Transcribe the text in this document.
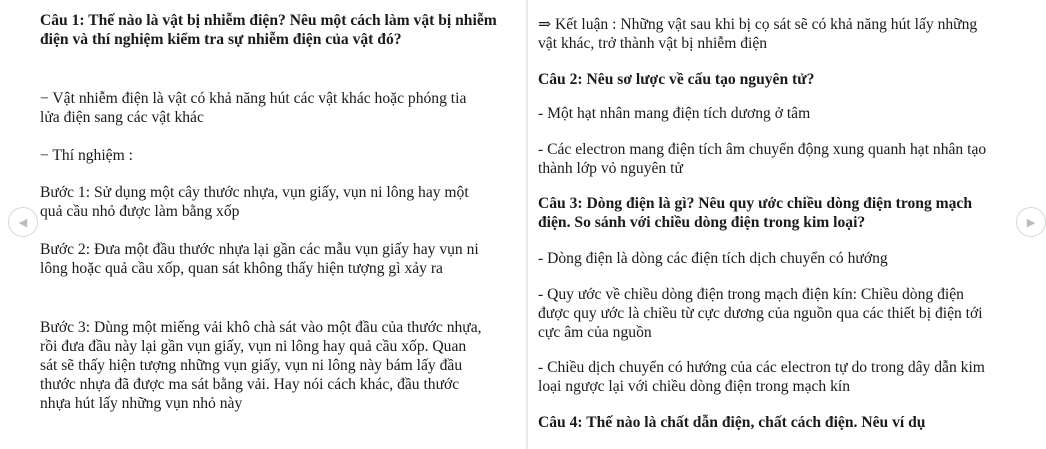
Câu 1: Thế nào là vật bị nhiễm điện? Nêu một cách làm vật bị nhiễm điện và thí nghiệm kiểm tra sự nhiễm điện của vật đó?

− Vật nhiễm điện là vật có khả năng hút các vật khác hoặc phóng tia lửa điện sang các vật khác

− Thí nghiệm :

Bước 1: Sử dụng một cây thước nhựa, vụn giấy, vụn ni lông hay một quả cầu nhỏ được làm bằng xốp

Bước 2: Đưa một đầu thước nhựa lại gần các mẫu vụn giấy hay vụn ni lông hoặc quả cầu xốp, quan sát không thấy hiện tượng gì xảy ra

Bước 3: Dùng một miếng vải khô chà sát vào một đầu của thước nhựa, rồi đưa đầu này lại gần vụn giấy, vụn ni lông hay quả cầu xốp. Quan sát sẽ thấy hiện tượng những vụn giấy, vụn ni lông này bám lấy đầu thước nhựa đã được ma sát bằng vải. Hay nói cách khác, đầu thước nhựa hút lấy những vụn nhỏ này

⇒ Kết luận : Những vật sau khi bị cọ sát sẽ có khả năng hút lấy những vật khác, trở thành vật bị nhiễm điện

Câu 2: Nêu sơ lược về cấu tạo nguyên tử?

- Một hạt nhân mang điện tích dương ở tâm

- Các electron mang điện tích âm chuyển động xung quanh hạt nhân tạo thành lớp vỏ nguyên tử

Câu 3: Dòng điện là gì? Nêu quy ước chiều dòng điện trong mạch điện. So sánh với chiều dòng điện trong kim loại?

- Dòng điện là dòng các điện tích dịch chuyển có hướng

- Quy ước về chiều dòng điện trong mạch điện kín: Chiều dòng điện được quy ước là chiều từ cực dương của nguồn qua các thiết bị điện tới cực âm của nguồn

- Chiều dịch chuyển có hướng của các electron tự do trong dây dẫn kim loại ngược lại với chiều dòng điện trong mạch kín

Câu 4: Thế nào là chất dẫn điện, chất cách điện. Nêu ví dụ

◀	▶
